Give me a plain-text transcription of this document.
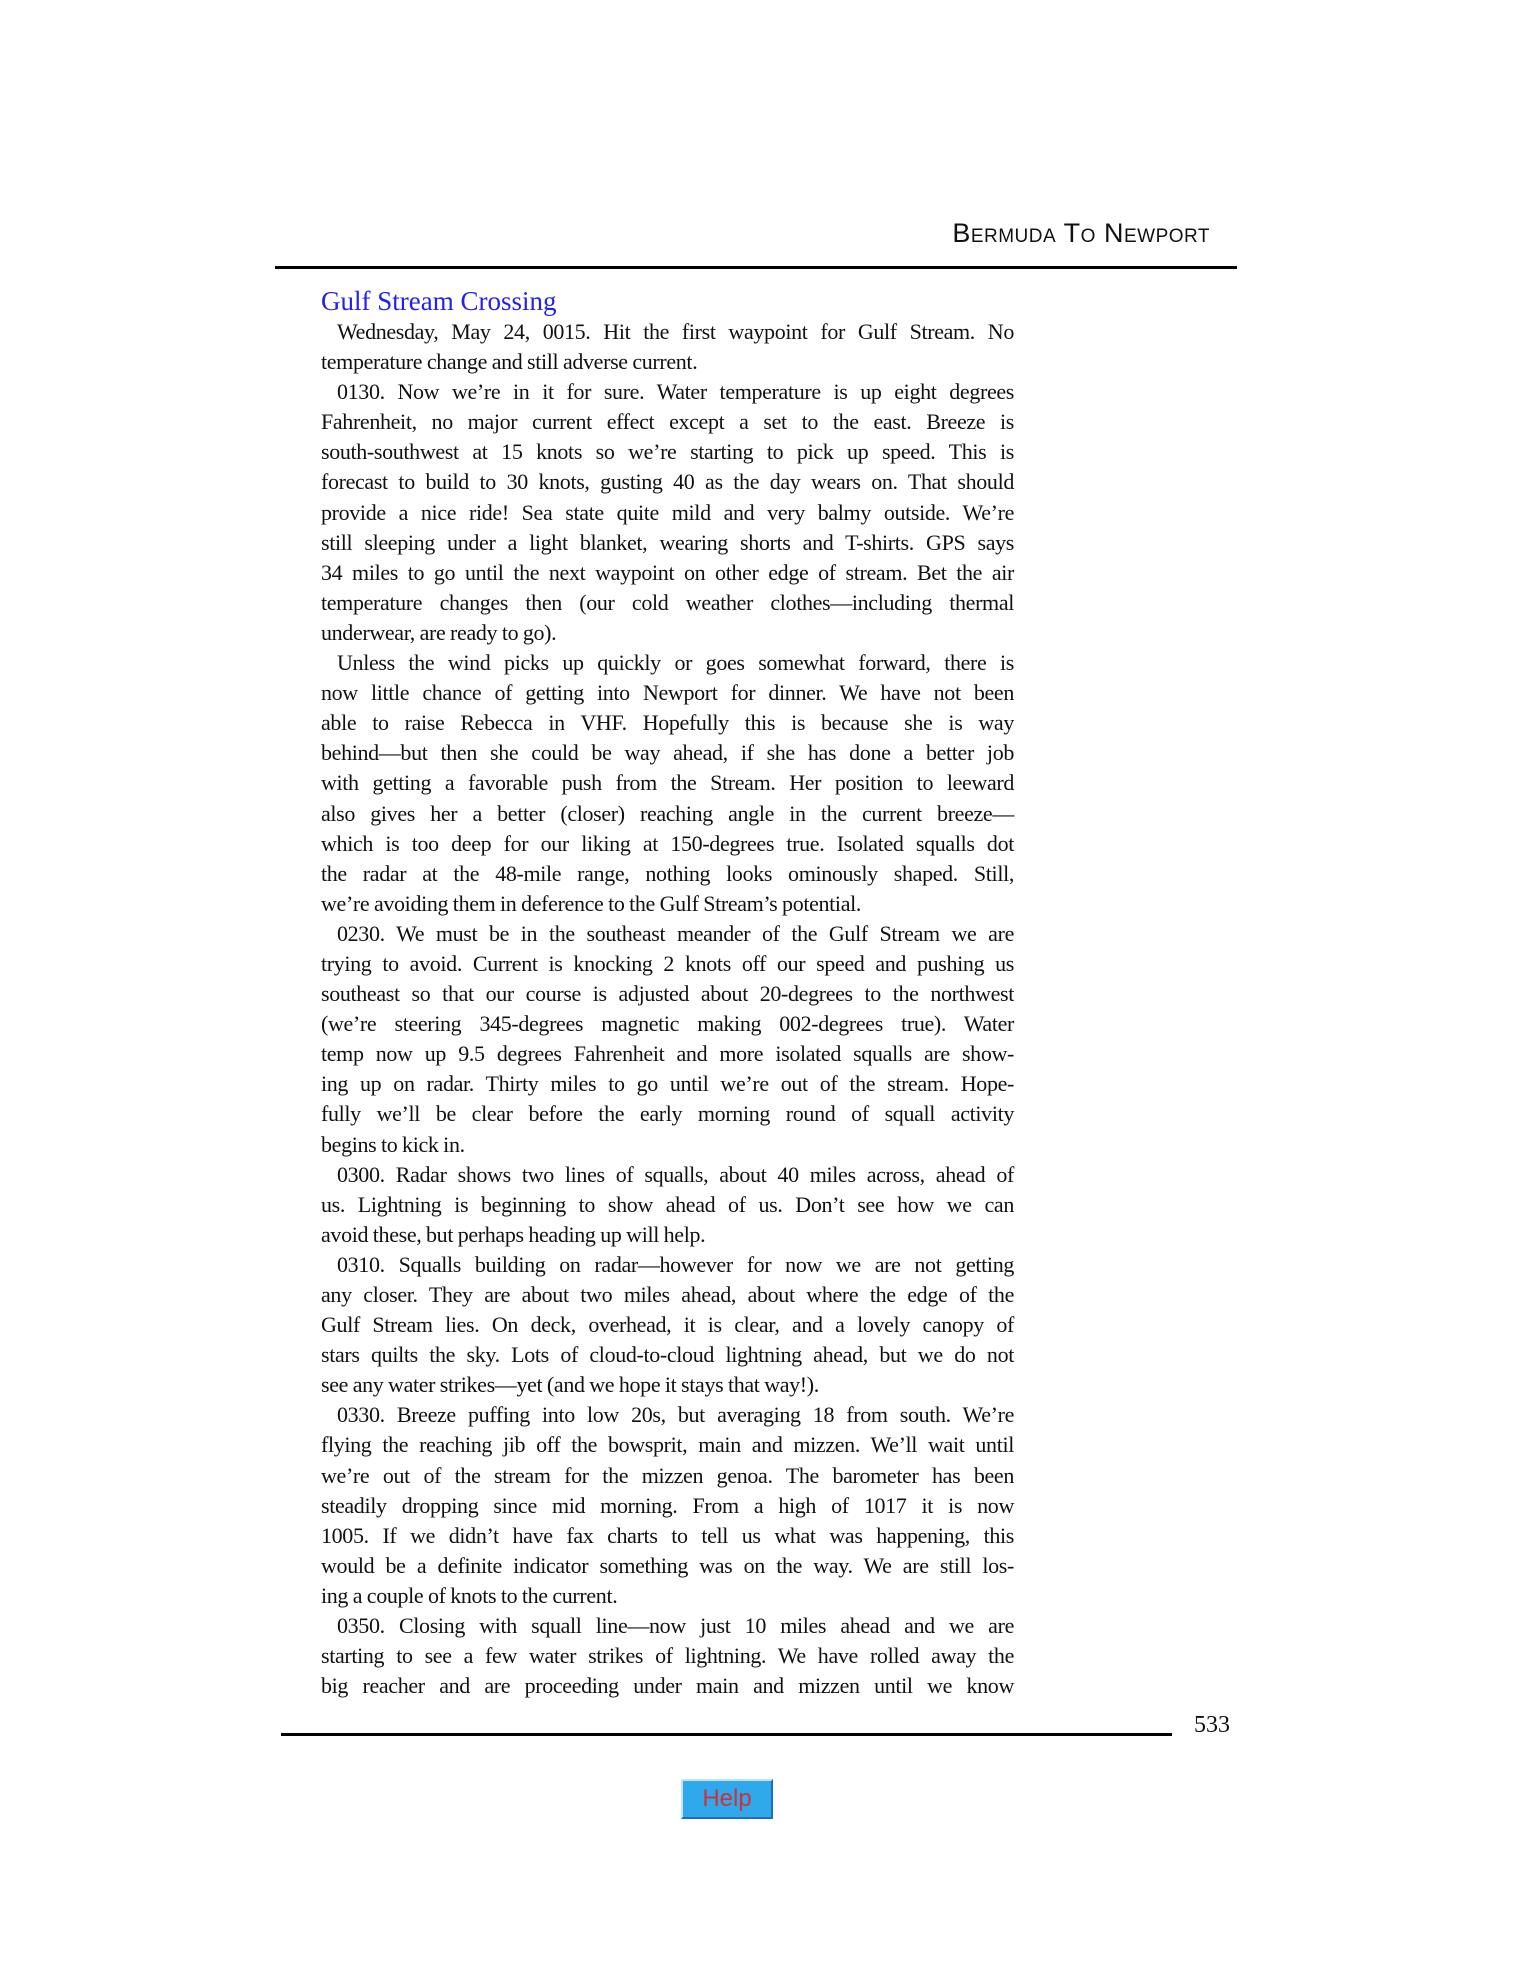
Bermuda To Newport
Gulf Stream Crossing
Wednesday, May 24, 0015. Hit the first waypoint for Gulf Stream. No
temperature change and still adverse current.
0130. Now we’re in it for sure. Water temperature is up eight degrees
Fahrenheit, no major current effect except a set to the east. Breeze is
south-southwest at 15 knots so we’re starting to pick up speed. This is
forecast to build to 30 knots, gusting 40 as the day wears on. That should
provide a nice ride! Sea state quite mild and very balmy outside. We’re
still sleeping under a light blanket, wearing shorts and T-shirts. GPS says
34 miles to go until the next waypoint on other edge of stream. Bet the air
temperature changes then (our cold weather clothes—including thermal
underwear, are ready to go).
Unless the wind picks up quickly or goes somewhat forward, there is
now little chance of getting into Newport for dinner. We have not been
able to raise Rebecca in VHF. Hopefully this is because she is way
behind—but then she could be way ahead, if she has done a better job
with getting a favorable push from the Stream. Her position to leeward
also gives her a better (closer) reaching angle in the current breeze—
which is too deep for our liking at 150-degrees true. Isolated squalls dot
the radar at the 48-mile range, nothing looks ominously shaped. Still,
we’re avoiding them in deference to the Gulf Stream’s potential.
0230. We must be in the southeast meander of the Gulf Stream we are
trying to avoid. Current is knocking 2 knots off our speed and pushing us
southeast so that our course is adjusted about 20-degrees to the northwest
(we’re steering 345-degrees magnetic making 002-degrees true). Water
temp now up 9.5 degrees Fahrenheit and more isolated squalls are show-
ing up on radar. Thirty miles to go until we’re out of the stream. Hope-
fully we’ll be clear before the early morning round of squall activity
begins to kick in.
0300. Radar shows two lines of squalls, about 40 miles across, ahead of
us. Lightning is beginning to show ahead of us. Don’t see how we can
avoid these, but perhaps heading up will help.
0310. Squalls building on radar—however for now we are not getting
any closer. They are about two miles ahead, about where the edge of the
Gulf Stream lies. On deck, overhead, it is clear, and a lovely canopy of
stars quilts the sky. Lots of cloud-to-cloud lightning ahead, but we do not
see any water strikes—yet (and we hope it stays that way!).
0330. Breeze puffing into low 20s, but averaging 18 from south. We’re
flying the reaching jib off the bowsprit, main and mizzen. We’ll wait until
we’re out of the stream for the mizzen genoa. The barometer has been
steadily dropping since mid morning. From a high of 1017 it is now
1005. If we didn’t have fax charts to tell us what was happening, this
would be a definite indicator something was on the way. We are still los-
ing a couple of knots to the current.
0350. Closing with squall line—now just 10 miles ahead and we are
starting to see a few water strikes of lightning. We have rolled away the
big reacher and are proceeding under main and mizzen until we know
533
Help
